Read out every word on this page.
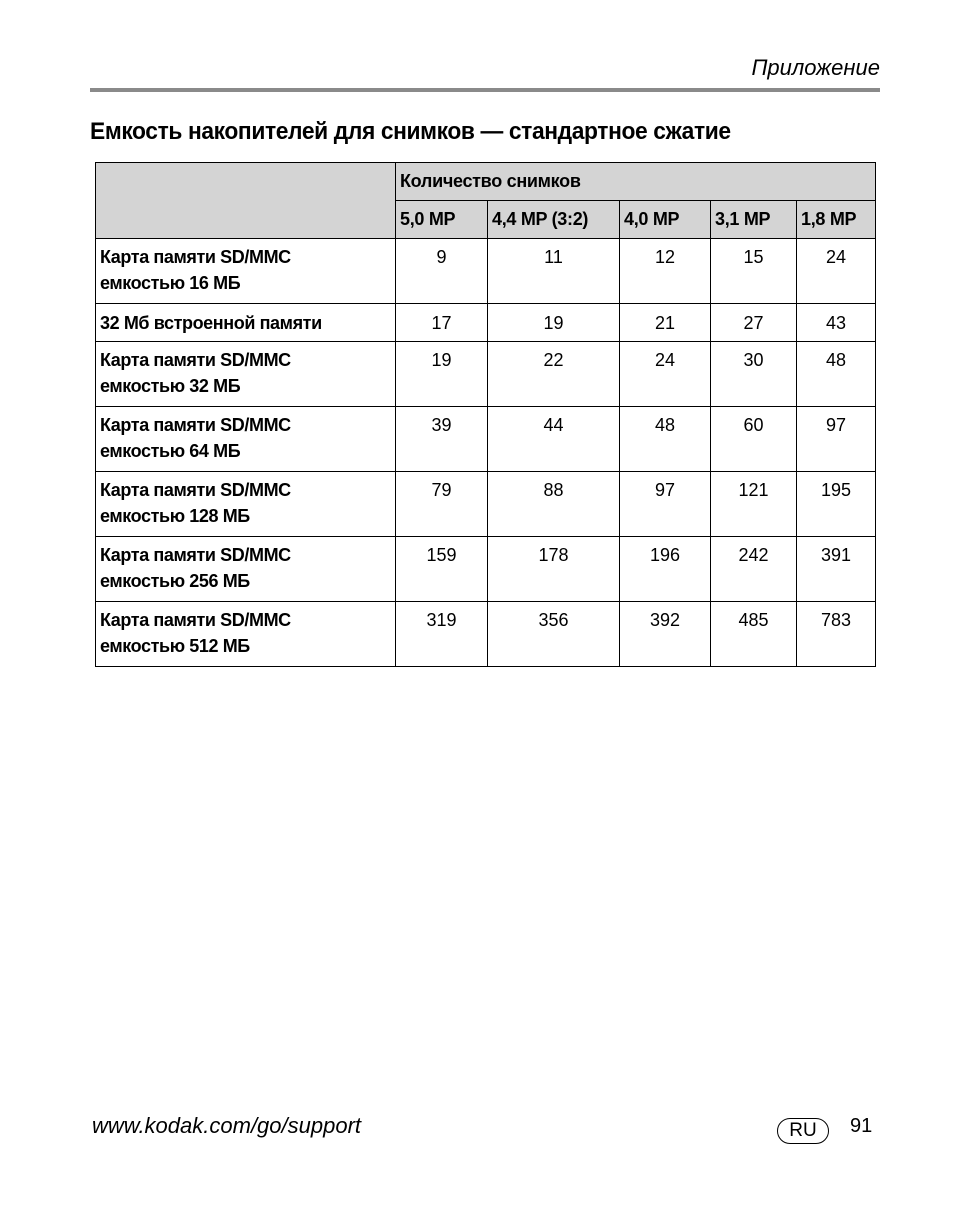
Приложение
Емкость накопителей для снимков — стандартное сжатие
	Количество снимков				
	5,0 MP	4,4 MP (3:2)	4,0 MP	3,1 MP	1,8 MP
Карта памяти SD/MMC
емкостью 16 МБ	9	11	12	15	24
32 Мб встроенной памяти	17	19	21	27	43
Карта памяти SD/MMC
емкостью 32 МБ	19	22	24	30	48
Карта памяти SD/MMC
емкостью 64 МБ	39	44	48	60	97
Карта памяти SD/MMC
емкостью 128 МБ	79	88	97	121	195
Карта памяти SD/MMC
емкостью 256 МБ	159	178	196	242	391
Карта памяти SD/MMC
емкостью 512 МБ	319	356	392	485	783
www.kodak.com/go/support	RU	91
